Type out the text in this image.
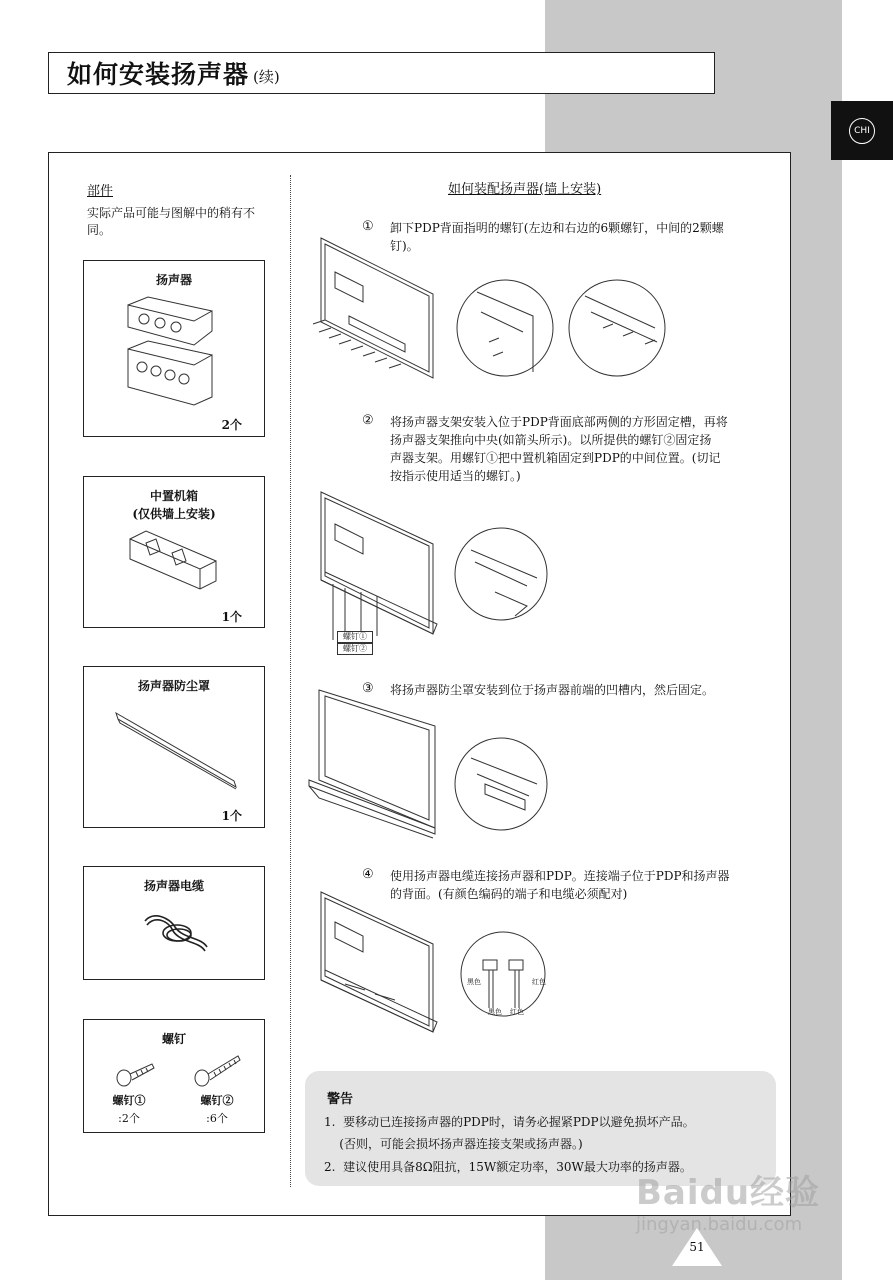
CHI
如何安装扬声器 (续)
部件
实际产品可能与图解中的稍有不同。
扬声器
2个
中置机箱
(仅供墙上安装)
1个
扬声器防尘罩
1个
扬声器电缆
螺钉
螺钉①
:2个
螺钉②
:6个
如何装配扬声器(墙上安装)
① 卸下PDP背面指明的螺钉(左边和右边的6颗螺钉，中间的2颗螺
钉)。
② 将扬声器支架安装入位于PDP背面底部两侧的方形固定槽，再将
扬声器支架推向中央(如箭头所示)。以所提供的螺钉②固定扬
声器支架。用螺钉①把中置机箱固定到PDP的中间位置。(切记
按指示使用适当的螺钉。)
螺钉①
螺钉②
③ 将扬声器防尘罩安装到位于扬声器前端的凹槽内，然后固定。
④ 使用扬声器电缆连接扬声器和PDP。连接端子位于PDP和扬声器
的背面。(有颜色编码的端子和电缆必须配对)
黑色	红色
黑色 红色
警告
1.  要移动已连接扬声器的PDP时，请务必握紧PDP以避免损坏产品。
(否则，可能会损坏扬声器连接支架或扬声器。)
2.  建议使用具备8Ω阻抗，15W额定功率，30W最大功率的扬声器。
51
Baidu经验
jingyan.baidu.com
